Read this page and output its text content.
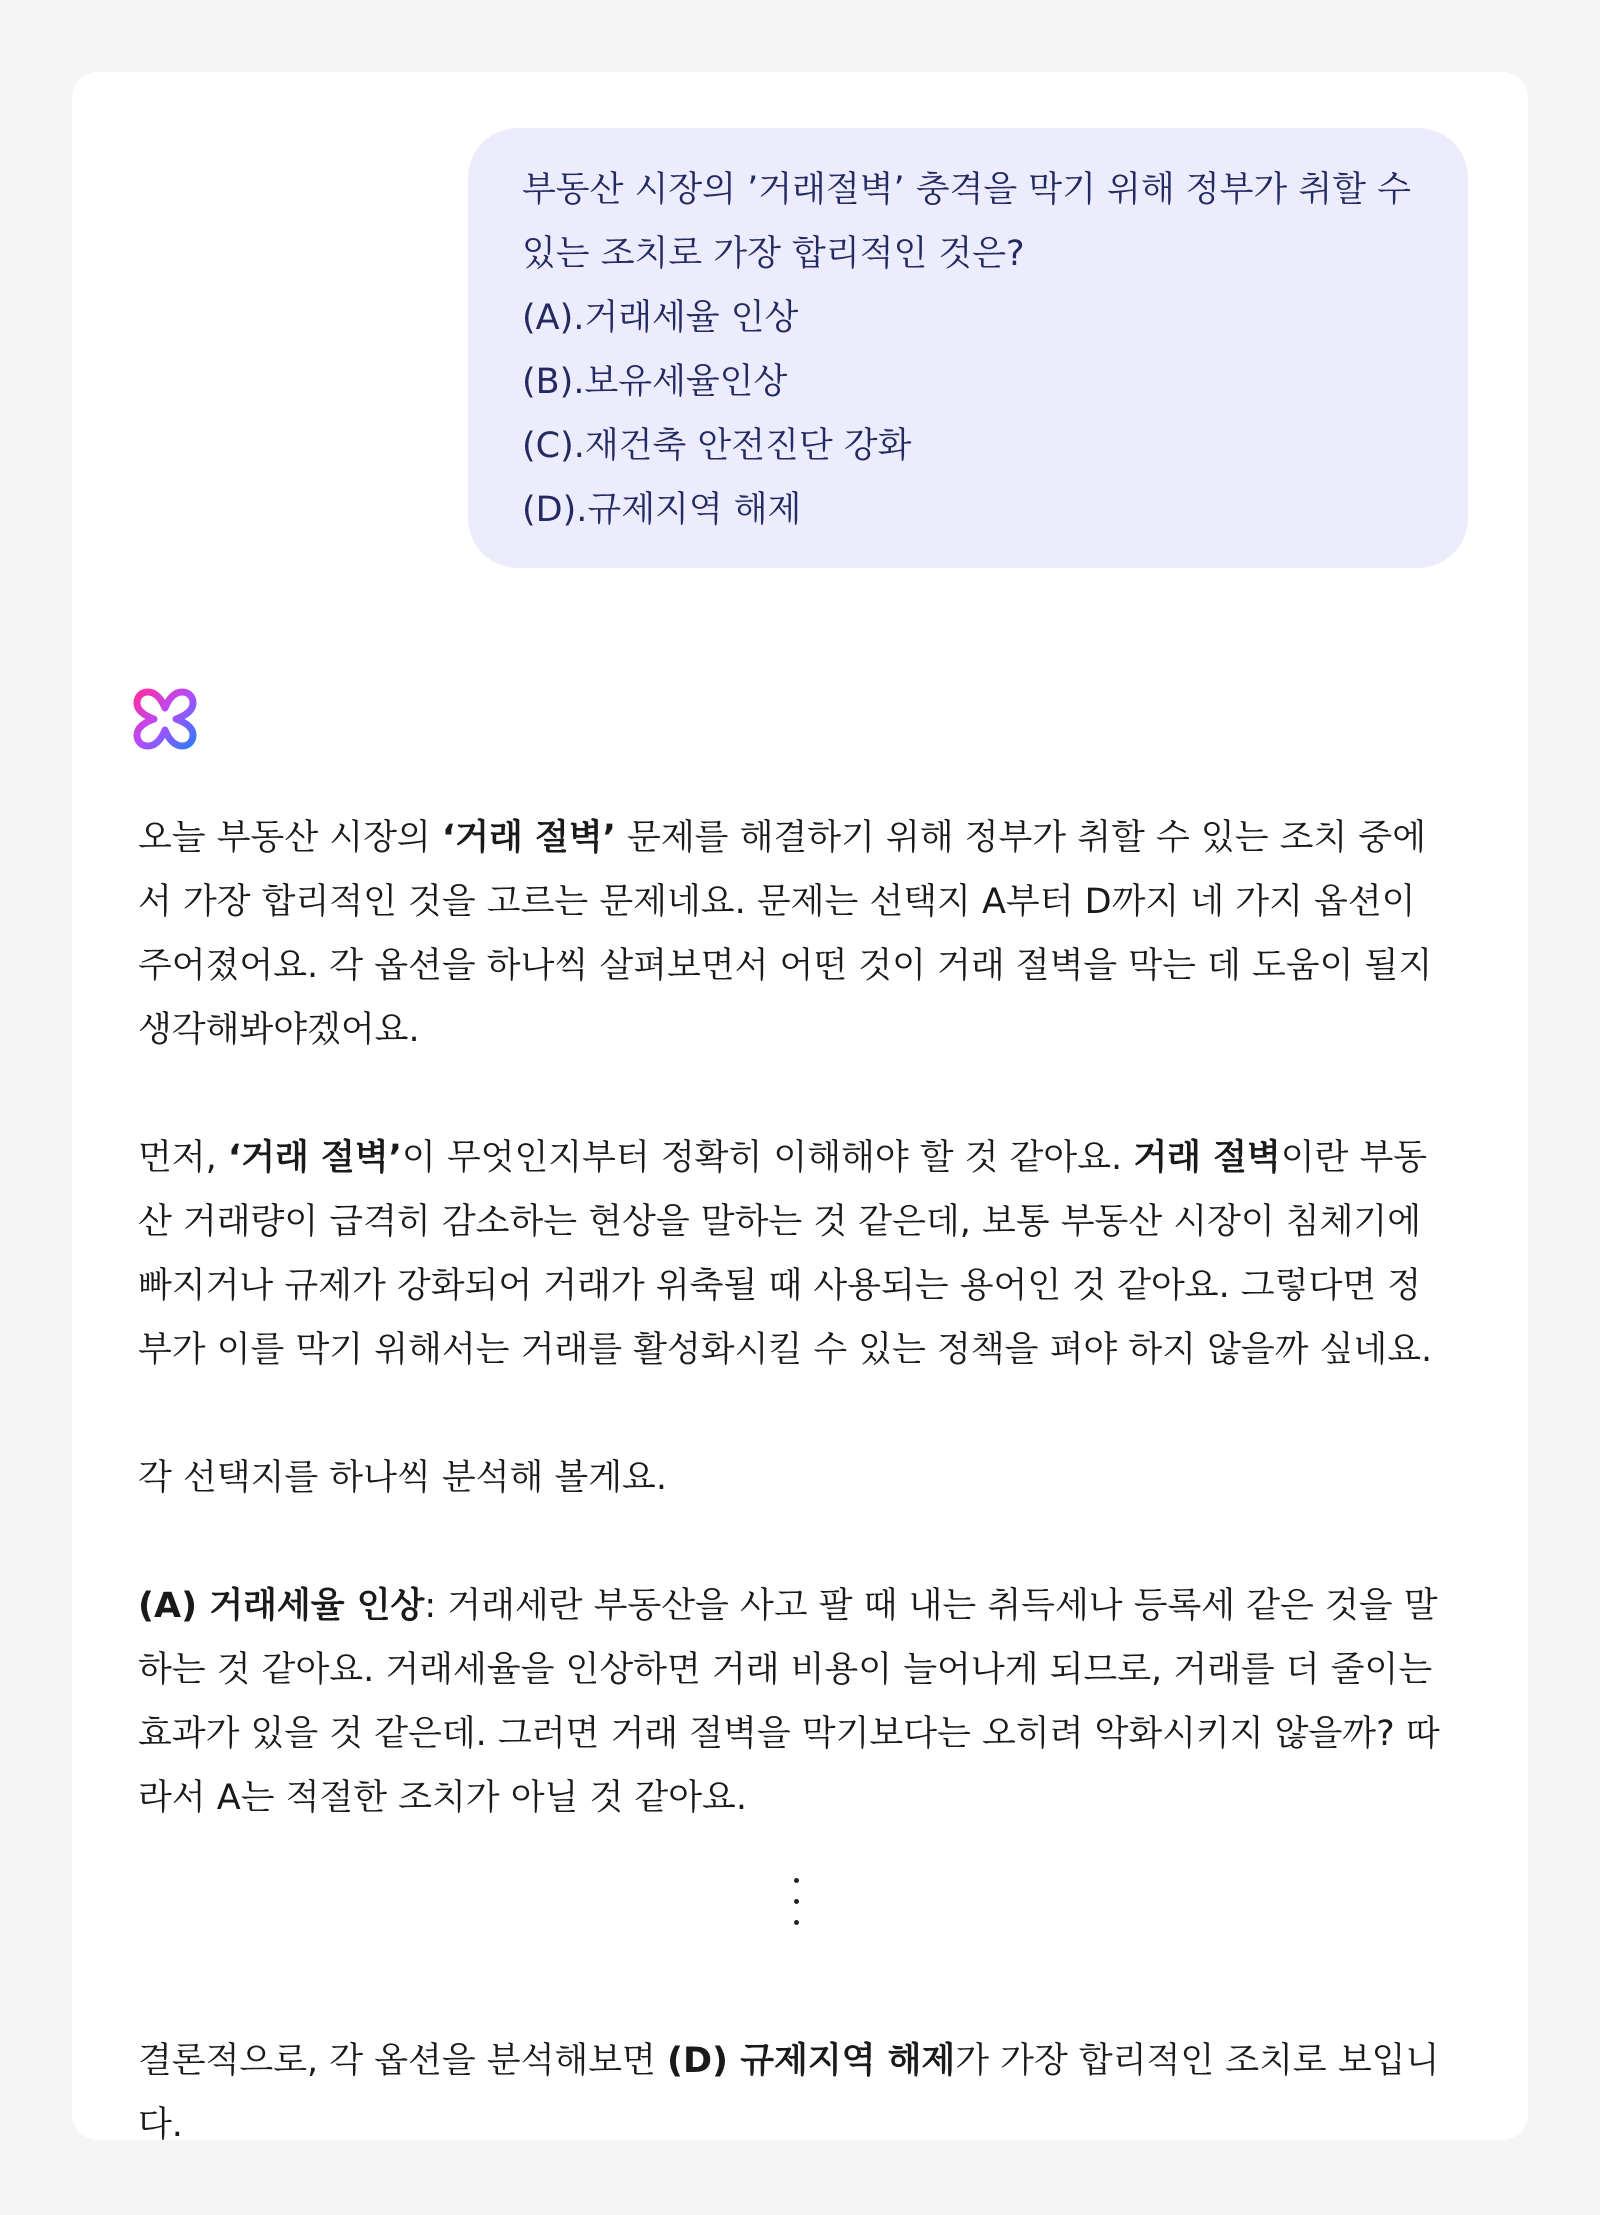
부동산 시장의 ’거래절벽’ 충격을 막기 위해 정부가 취할 수
있는 조치로 가장 합리적인 것은?
(A).거래세율 인상
(B).보유세율인상
(C).재건축 안전진단 강화
(D).규제지역 해제

오늘 부동산 시장의 ‘거래 절벽’ 문제를 해결하기 위해 정부가 취할 수 있는 조치 중에
서 가장 합리적인 것을 고르는 문제네요. 문제는 선택지 A부터 D까지 네 가지 옵션이
주어졌어요. 각 옵션을 하나씩 살펴보면서 어떤 것이 거래 절벽을 막는 데 도움이 될지
생각해봐야겠어요.

먼저, ‘거래 절벽’이 무엇인지부터 정확히 이해해야 할 것 같아요. 거래 절벽이란 부동
산 거래량이 급격히 감소하는 현상을 말하는 것 같은데, 보통 부동산 시장이 침체기에
빠지거나 규제가 강화되어 거래가 위축될 때 사용되는 용어인 것 같아요. 그렇다면 정
부가 이를 막기 위해서는 거래를 활성화시킬 수 있는 정책을 펴야 하지 않을까 싶네요.

각 선택지를 하나씩 분석해 볼게요.

(A) 거래세율 인상: 거래세란 부동산을 사고 팔 때 내는 취득세나 등록세 같은 것을 말
하는 것 같아요. 거래세율을 인상하면 거래 비용이 늘어나게 되므로, 거래를 더 줄이는
효과가 있을 것 같은데. 그러면 거래 절벽을 막기보다는 오히려 악화시키지 않을까? 따
라서 A는 적절한 조치가 아닐 것 같아요.

결론적으로, 각 옵션을 분석해보면 (D) 규제지역 해제가 가장 합리적인 조치로 보입니
다.
